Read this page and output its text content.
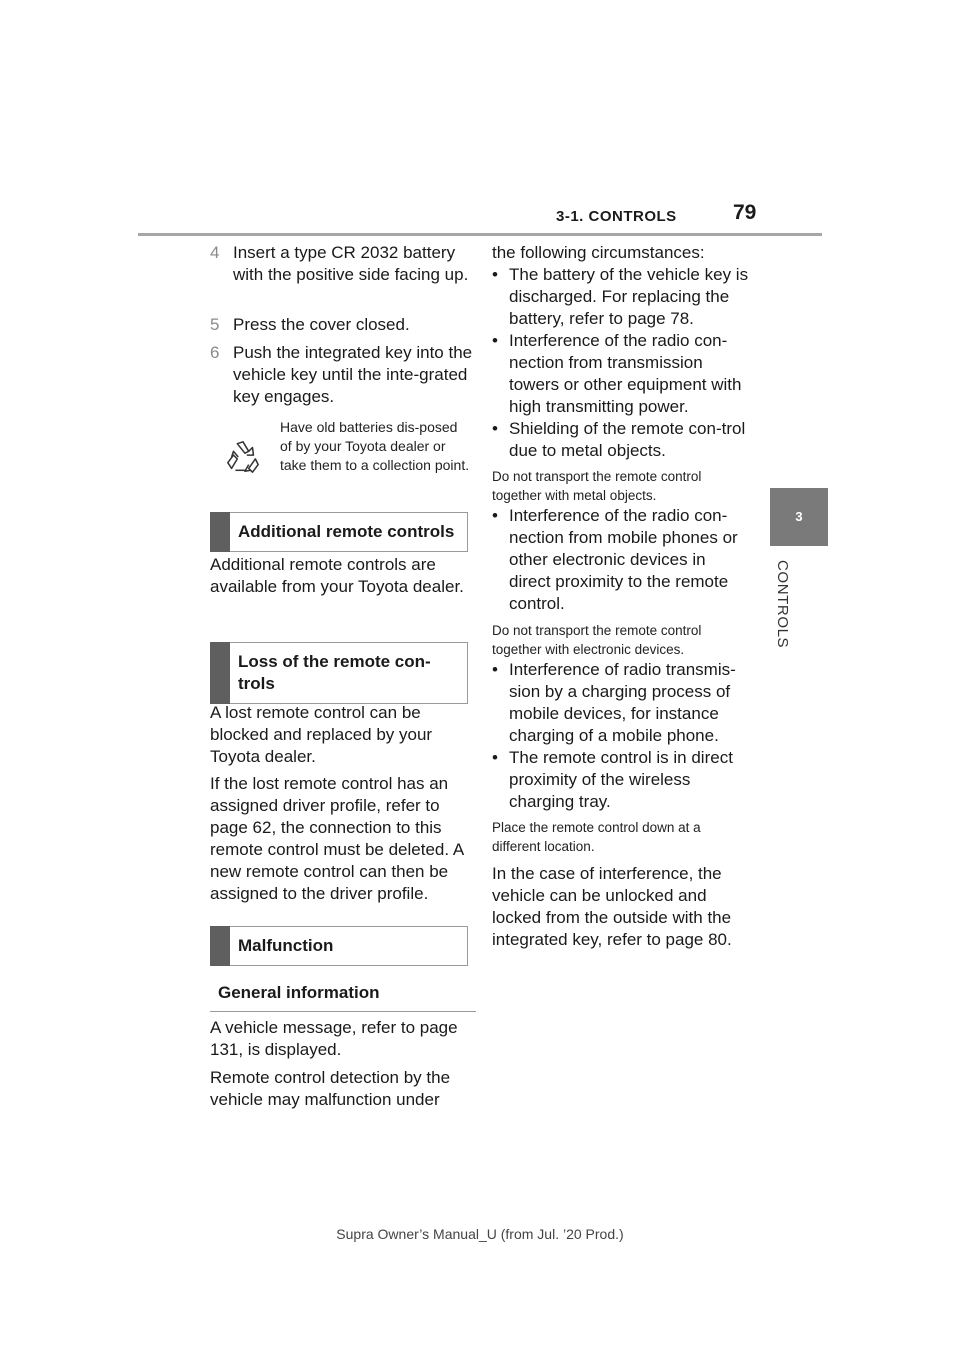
3-1. CONTROLS	79
3
CONTROLS
4 Insert a type CR 2032 battery with the positive side facing up.
5 Press the cover closed.
6 Push the integrated key into the vehicle key until the inte-grated key engages.
Have old batteries dis-posed of by your Toyota dealer or take them to a collection point.
Additional remote controls
Additional remote controls are available from your Toyota dealer.
Loss of the remote con-trols
A lost remote control can be blocked and replaced by your Toyota dealer.
If the lost remote control has an assigned driver profile, refer to page 62, the connection to this remote control must be deleted. A new remote control can then be assigned to the driver profile.
Malfunction
General information
A vehicle message, refer to page 131, is displayed.
Remote control detection by the vehicle may malfunction under
the following circumstances:
• The battery of the vehicle key is discharged. For replacing the battery, refer to page 78.
• Interference of the radio con-nection from transmission towers or other equipment with high transmitting power.
• Shielding of the remote con-trol due to metal objects.
Do not transport the remote control together with metal objects.
• Interference of the radio con-nection from mobile phones or other electronic devices in direct proximity to the remote control.
Do not transport the remote control together with electronic devices.
• Interference of radio transmis-sion by a charging process of mobile devices, for instance charging of a mobile phone.
• The remote control is in direct proximity of the wireless charging tray.
Place the remote control down at a different location.
In the case of interference, the vehicle can be unlocked and locked from the outside with the integrated key, refer to page 80.
Supra Owner’s Manual_U (from Jul. ’20 Prod.)
